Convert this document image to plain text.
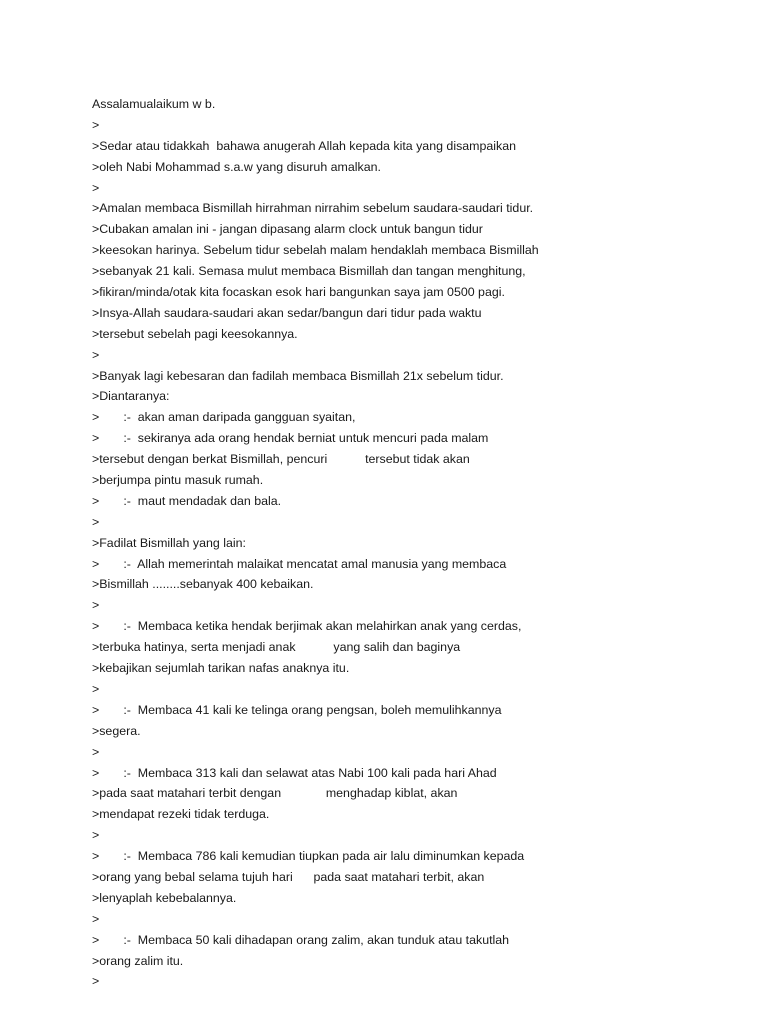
Assalamualaikum w b.
>
>Sedar atau tidakkah  bahawa anugerah Allah kepada kita yang disampaikan
>oleh Nabi Mohammad s.a.w yang disuruh amalkan.
>
>Amalan membaca Bismillah hirrahman nirrahim sebelum saudara-saudari tidur.
>Cubakan amalan ini - jangan dipasang alarm clock untuk bangun tidur
>keesokan harinya. Sebelum tidur sebelah malam hendaklah membaca Bismillah
>sebanyak 21 kali. Semasa mulut membaca Bismillah dan tangan menghitung,
>fikiran/minda/otak kita focaskan esok hari bangunkan saya jam 0500 pagi.
>Insya-Allah saudara-saudari akan sedar/bangun dari tidur pada waktu
>tersebut sebelah pagi keesokannya.
>
>Banyak lagi kebesaran dan fadilah membaca Bismillah 21x sebelum tidur.
>Diantaranya:
>       :-  akan aman daripada gangguan syaitan,
>       :-  sekiranya ada orang hendak berniat untuk mencuri pada malam
>tersebut dengan berkat Bismillah, pencuri           tersebut tidak akan
>berjumpa pintu masuk rumah.
>       :-  maut mendadak dan bala.
>
>Fadilat Bismillah yang lain:
>       :-  Allah memerintah malaikat mencatat amal manusia yang membaca
>Bismillah ........sebanyak 400 kebaikan.
>
>       :-  Membaca ketika hendak berjimak akan melahirkan anak yang cerdas,
>terbuka hatinya, serta menjadi anak           yang salih dan baginya
>kebajikan sejumlah tarikan nafas anaknya itu.
>
>       :-  Membaca 41 kali ke telinga orang pengsan, boleh memulihkannya
>segera.
>
>       :-  Membaca 313 kali dan selawat atas Nabi 100 kali pada hari Ahad
>pada saat matahari terbit dengan             menghadap kiblat, akan
>mendapat rezeki tidak terduga.
>
>       :-  Membaca 786 kali kemudian tiupkan pada air lalu diminumkan kepada
>orang yang bebal selama tujuh hari      pada saat matahari terbit, akan
>lenyaplah kebebalannya.
>
>       :-  Membaca 50 kali dihadapan orang zalim, akan tunduk atau takutlah
>orang zalim itu.
>
